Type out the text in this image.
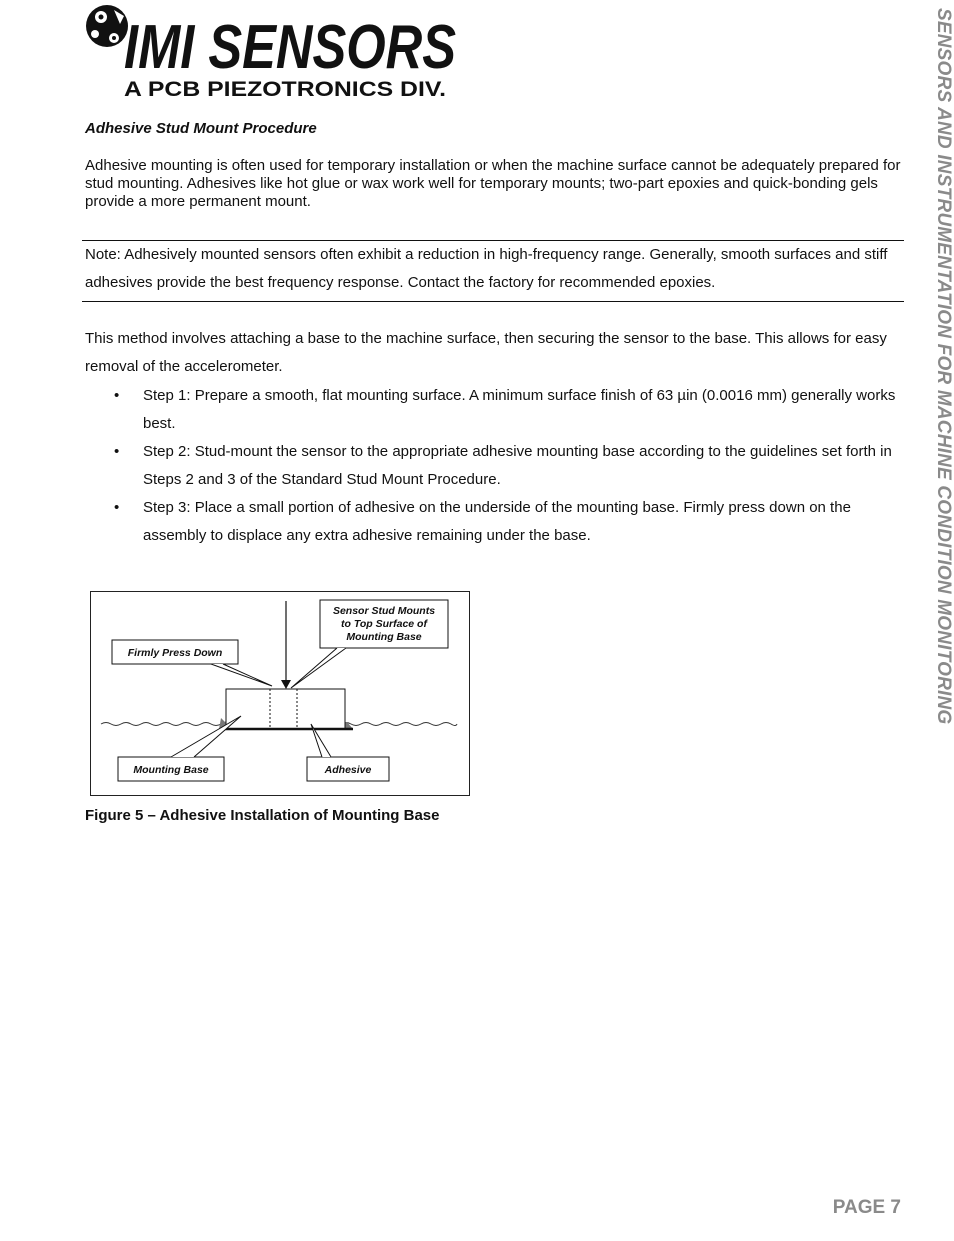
IMI SENSORS
A PCB PIEZOTRONICS DIV.	SENSORS AND INSTRUMENTATION FOR MACHINE CONDITION MONITORING
Adhesive Stud Mount Procedure

Adhesive mounting is often used for temporary installation or when the machine surface cannot be adequately prepared for stud mounting. Adhesives like hot glue or wax work well for temporary mounts; two-part epoxies and quick-bonding gels provide a more permanent mount.

Note: Adhesively mounted sensors often exhibit a reduction in high-frequency range. Generally, smooth surfaces and stiff adhesives provide the best frequency response. Contact the factory for recommended epoxies.

This method involves attaching a base to the machine surface, then securing the sensor to the base. This allows for easy removal of the accelerometer.

• Step 1: Prepare a smooth, flat mounting surface. A minimum surface finish of 63 µin (0.0016 mm) generally works best.
• Step 2: Stud-mount the sensor to the appropriate adhesive mounting base according to the guidelines set forth in Steps 2 and 3 of the Standard Stud Mount Procedure.
• Step 3: Place a small portion of adhesive on the underside of the mounting base. Firmly press down on the assembly to displace any extra adhesive remaining under the base.
Sensor Stud Mounts
to Top Surface of
Mounting Base
Firmly Press Down
Mounting Base	Adhesive
Figure 5 – Adhesive Installation of Mounting Base
PAGE 7
